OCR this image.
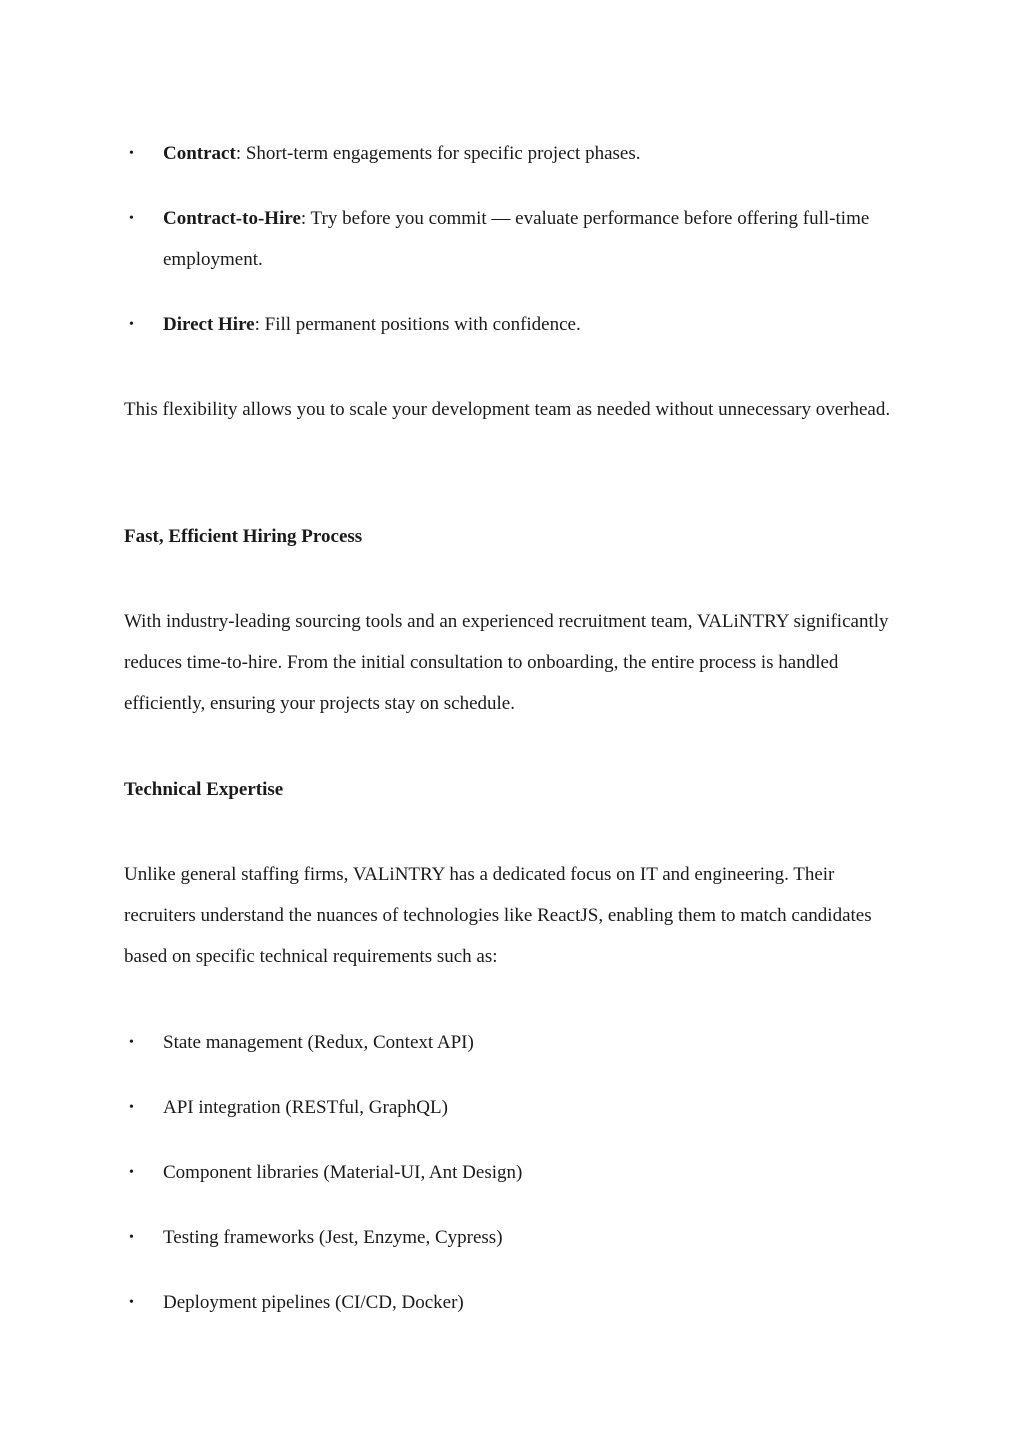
•	Contract: Short-term engagements for specific project phases.
•	Contract-to-Hire: Try before you commit — evaluate performance before offering full-time employment.
•	Direct Hire: Fill permanent positions with confidence.

This flexibility allows you to scale your development team as needed without unnecessary overhead.

Fast, Efficient Hiring Process

With industry-leading sourcing tools and an experienced recruitment team, VALiNTRY significantly reduces time-to-hire. From the initial consultation to onboarding, the entire process is handled efficiently, ensuring your projects stay on schedule.

Technical Expertise

Unlike general staffing firms, VALiNTRY has a dedicated focus on IT and engineering. Their recruiters understand the nuances of technologies like ReactJS, enabling them to match candidates based on specific technical requirements such as:

•	State management (Redux, Context API)
•	API integration (RESTful, GraphQL)
•	Component libraries (Material-UI, Ant Design)
•	Testing frameworks (Jest, Enzyme, Cypress)
•	Deployment pipelines (CI/CD, Docker)
